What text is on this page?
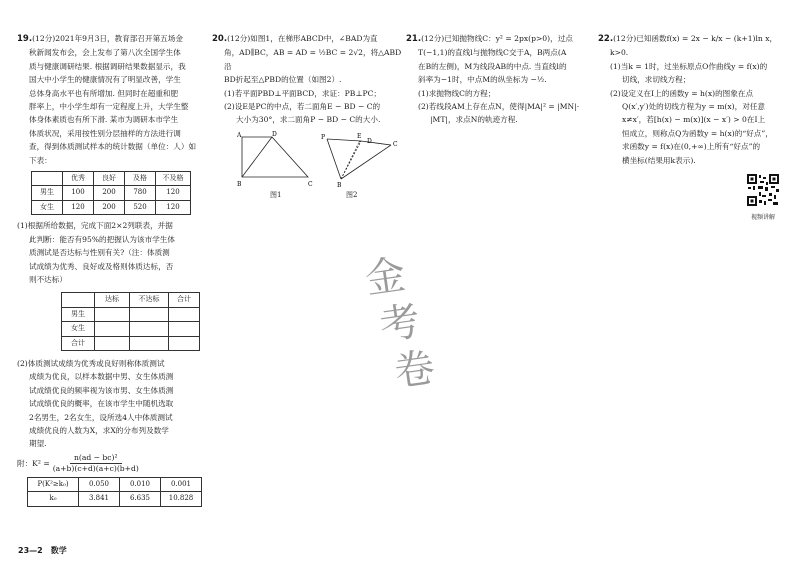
19.(12分)2021年9月3日，教育部召开第五场金

秋新闻发布会，会上发布了第八次全国学生体

质与健康调研结果. 根据调研结果数据显示，我

国大中小学生的健康情况有了明显改善，学生

总体身高水平也有所增加. 但同时在超重和肥

胖率上，中小学生却有一定程度上升，大学生整

体身体素质也有所下滑. 某市为调研本市学生

体质状况，采用按性别分层抽样的方法进行调

查，得到体质测试样本的统计数据（单位：人）如

下表：

	优秀	良好	及格	不及格
男生	100	200	780	120
女生	120	200	520	120

(1)根据所给数据，完成下面2×2列联表，并据

此判断：能否有95%的把握认为该市学生体

质测试是否达标与性别有关?（注：体质测

试成绩为优秀、良好或及格则体质达标，否

则不达标）

	达标	不达标	合计
男生			
女生			
合计			

(2)体质测试成绩为优秀或良好则称体质测试

成绩为优良，以样本数据中男、女生体质测

试成绩优良的频率视为该市男、女生体质测

试成绩优良的概率，在该市学生中随机选取

2名男生，2名女生，设所选4人中体质测试

成绩优良的人数为X，求X的分布列及数学

期望.

附：$K^2 = \frac{\text{n(ad − bc)²}}{(a+b)(c+d)(a+c)(b+d)}$
P(K²≥k₀)	0.050	0.010	0.001
k₀	3.841	6.635	10.828

20.(12分)如图1，在梯形ABCD中，∠BAD为直

角，AD∥BC，AB = AD = ½BC = 2√2，将△ABD沿

BD折起至△PBD的位置（如图2）.

(1)若平面PBD⊥平面BCD，求证：PB⊥PC；

(2)设E是PC的中点，若二面角E − BD − C的

大小为30°，求二面角P − BD − C的大小.

A	D
B	C
P	E
D	C
B
图1	图2

21.(12分)已知抛物线C：y² = 2px(p>0)，过点

T(−1,1)的直线l与抛物线C交于A，B两点(A

在B的左侧)，M为线段AB的中点. 当直线l的

斜率为−1时，中点M的纵坐标为 −½.

(1)求抛物线C的方程；

(2)若线段AM上存在点N，使得|MA|² = |MN|·

|MT|，求点N的轨迹方程.

22.(12分)已知函数f(x) = 2x − k/x − (k+1)ln x，

k>0.

(1)当k = 1时，过坐标原点O作曲线y = f(x)的

切线，求切线方程；

(2)设定义在I上的函数y = h(x)的图象在点

Q(x′,y′)处的切线方程为y = m(x)，对任意

x≠x′，若[h(x) − m(x)](x − x′) > 0在I上

恒成立，则称点Q为函数y = h(x)的“好点”，

求函数y = f(x)在(0,+∞)上所有“好点”的

横坐标(结果用k表示).

视频讲解
金
考
卷
23—2　数学
